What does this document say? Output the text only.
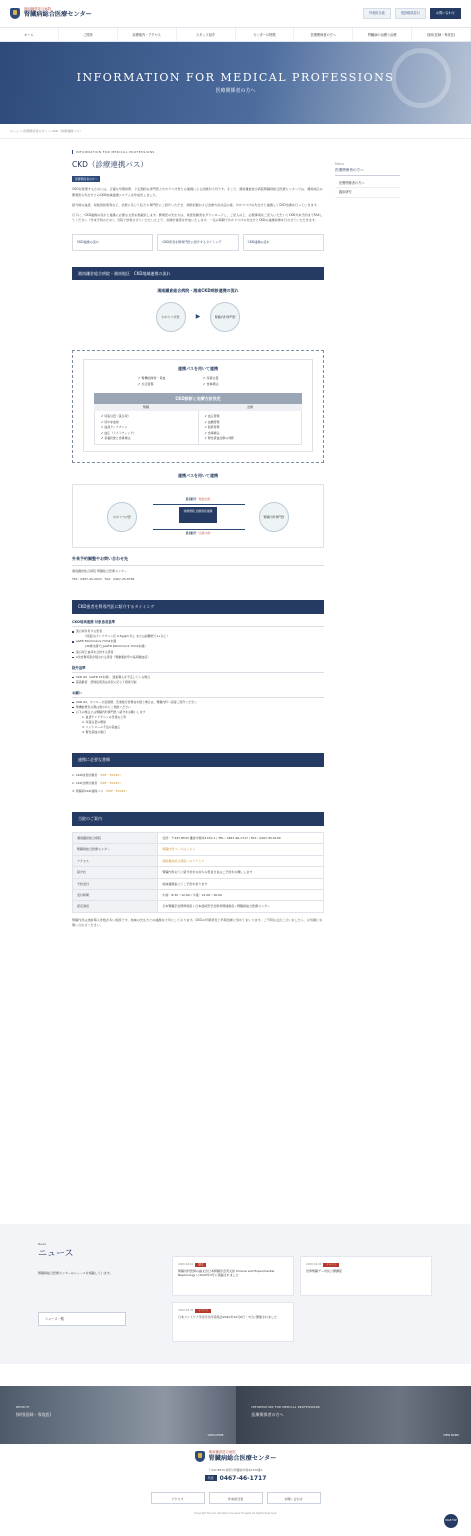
湘南鎌倉総合病院
腎臓病総合医療センター	外来担当表	受診相談窓口	お問い合わせ
ホーム	ご挨拶	診療案内・アクセス	スタッフ紹介	センターの特徴	医療関係者の方へ	腎臓病の治療と治療	採用(医師・専攻医)
INFORMATION FOR MEDICAL PROFESSIONS

医療関係者の方へ

ホーム > 医療関係者の方へ > CKD（診療連携パス）
Menu
医療関係者の方へ
医療関係者の方へ
臨床研究
INFORMATION FOR MEDICAL PROFESSIONS
CKD（診療連携パス）
医療関係者の方へ

CKDを管理するためには、正確な早期診断、と定期的な専門医とかかりつけ医との連携による治療が大切です。そこで、湘南鎌倉総合病院腎臓病総合医療センターでは、湘南地区の開業医の先生方とのCKD地域連携システムを作成致しました。

紹介時の血液、尿検査結果等など、状態に応じて私たち専門医にご紹介いただき、病態把握および治療方針決定の後、かかりつけの先生方と連携してCKD治療を行っていきます。

以下に、CKD連携の流れと連携に必要な文書を掲載致します。開業医の先生方は、検査依頼書をダウンロードし、ご記入の上、必要事項をご記入いただいてCKD外来予約までFAXしてください（外来予約のため）。当院で診察させていただいた上で、治療計画書を作成いたします。一定の期間でかかりつけの先生方とCKDの連携診療を行わせていただきます。

CKD連携の流れ	CKD患者を腎専門医に紹介するタイミング	CKD連携の流れ
湘南鎌倉総合病院・湘南地区　CKD地域連携の流れ
湘南鎌倉総合病院・湘南CKD病診連携の流れ
かかりつけ医	▶	腎臓内科専門医
連携パスを用いて連携
✔ 腎機能障害・貧血	✔ 尿蛋白量
✔ 生活習慣	✔ 食事療法
CKD診断と治療方針決定
腎臓	治療
✔ 尿蛋白量（蛋白尿）
✔ 尿中赤血球
✔ 血清クレアチニン
✔ 血圧（ライトチェック）
✔ 栄養状態と食事療法
✔ 血圧管理
✔ 血糖管理
✔ 脂質管理
✔ 食事療法
✔ 腎性貧血治療の判断
連携パスを用いて連携
かかりつけ医	腎臓内科専門医
患者紹介（検査治療）
診療情報 治療施設連携
患者紹介（治療の場）
外来予約調整やお問い合わせ先
湘南鎌倉総合病院 腎臓総合医療センター
TEL：0467-45-0023　FAX：0467-45-8784
CKD患者を腎専門医に紹介するタイミング
CKD地域連携 対象患者基準
蛋白尿を有する患者
　（尿蛋白/クレアチニン比 0.5g/gCr以上 または試験紙で1+以上）
eGFR 50ml/min/1.73m2未満
　(40歳未満ではeGFR 60ml/min/1.73m2未満)
蛋白尿と血尿を合併する患者
2次性腎疾患が疑われる患者（腎動脈狭窄や高尿酸血症）
除外基準
CKD G5（eGFR 15未満）、透析導入を予定している場合
超高齢者　認知症患者は状況に応じて相談可能
お願い
CKD G5、ネフローゼ症候群、急速進行性腎炎を疑う場合は、腎臓内科へ直接ご紹介ください
腎機能悪化の際は速やかにご相談ください
以下の場合には腎臓内科専門医へ紹介をお願いします
1. 血清クレアチニンの急速な上昇
2. 尿蛋白量の増加
3. コントロール不良の高血圧
4. 腎性貧血の進行
連携に必要な書類
1. CKD検査依頼書 （PDF・EXCEL）
2. CKD治療計画書 （PDF・EXCEL）
3. 腎臓病CKD連携パス （PDF・EXCEL）
当院のご案内
湘南鎌倉総合病院	住所：〒247-8533 鎌倉市岡本1370-1 / TEL：0467-46-1717 / FAX：0467-45-0190
腎臓病総合医療センター	腎臓内科ページはこちら
アクセス	湘南鎌倉総合病院へのアクセス
紹介状	腎臓内科あてに紹介状をお持ちの患者さまはご予約をお願いします
予約受付	地域連携室にてご予約を承ります
受付時間	午前：8:30〜12:00 / 午後：12:00〜16:00
認定施設	日本腎臓学会研修施設 / 日本透析医学会教育関連施設 / 腎臓病総合医療センター

腎臓内科は透析導入件数が多い施設です。地域の先生方との連携を大切にしております。CKDの早期発見と早期治療に努めてまいります。ご不明な点がございましたら、お気軽にお問い合わせください。

News
ニュース

腎臓病総合医療センターのニュースを掲載しています。

ニュース一覧
2020.04.10 論文
腎臓内科医師の論文が日本腎臓学会英文誌 Clinical and Experimental Nephrology に2020年3月に掲載されました
2020.04.01 イベント
世界腎臓デー市民公開講座
2020.03.25 イベント
日本フットケア学会年次学術集会2020年12月6日・7日に開催されました
RECRUIT
採用(医師・専攻医)
VIEW MORE
INFORMATION FOR MEDICAL PROFESSIONS
医療関係者の方へ
VIEW MORE
湘南鎌倉総合病院
腎臓病総合医療センター
〒247-8533 神奈川県鎌倉市岡本1370番1
代表 0467-46-1717
アクセス	外来担当表	お問い合わせ
Copyright Shonan Kamakura General Hospital All Rights Reserved.
PAGE TOP
